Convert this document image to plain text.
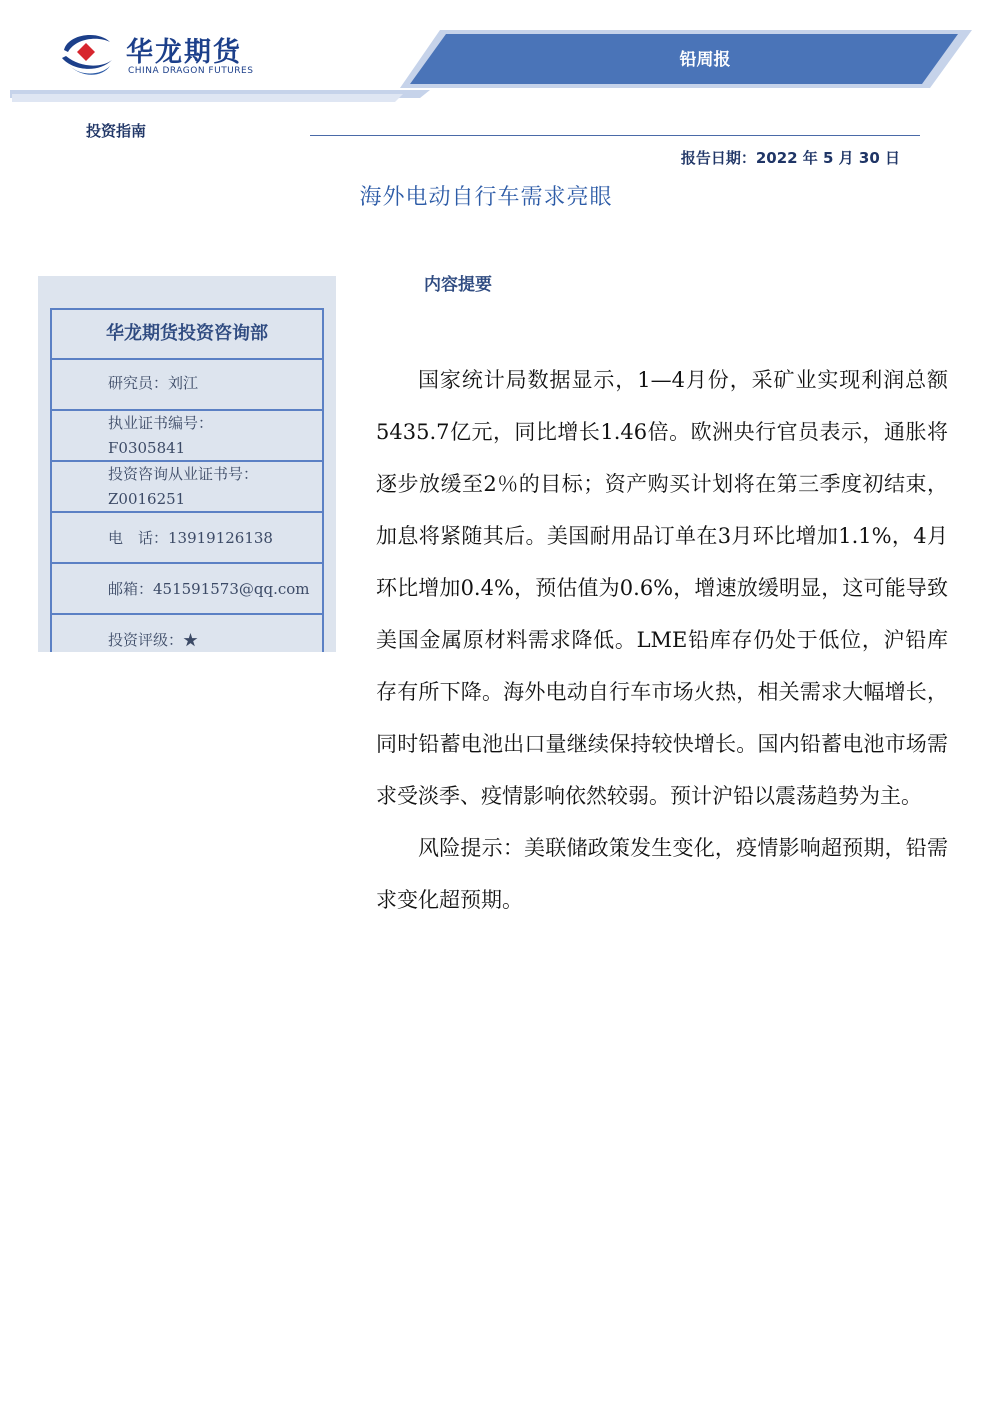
华龙期货
CHINA DRAGON FUTURES
铅周报
投资指南
报告日期：2022 年 5 月 30 日
海外电动自行车需求亮眼
华龙期货投资咨询部
研究员：刘江
执业证书编号：
F0305841
投资咨询从业证书号：
Z0016251
电　话：13919126138
邮箱：451591573@qq.com
投资评级：★
内容提要

国家统计局数据显示，1—4月份，采矿业实现利润总额5435.7亿元，同比增长1.46倍。欧洲央行官员表示，通胀将逐步放缓至2％的目标；资产购买计划将在第三季度初结束，加息将紧随其后。美国耐用品订单在3月环比增加1.1%，4月环比增加0.4%，预估值为0.6%，增速放缓明显，这可能导致美国金属原材料需求降低。LME铅库存仍处于低位，沪铅库存有所下降。海外电动自行车市场火热，相关需求大幅增长，同时铅蓄电池出口量继续保持较快增长。国内铅蓄电池市场需求受淡季、疫情影响依然较弱。预计沪铅以震荡趋势为主。

风险提示：美联储政策发生变化，疫情影响超预期，铅需求变化超预期。
